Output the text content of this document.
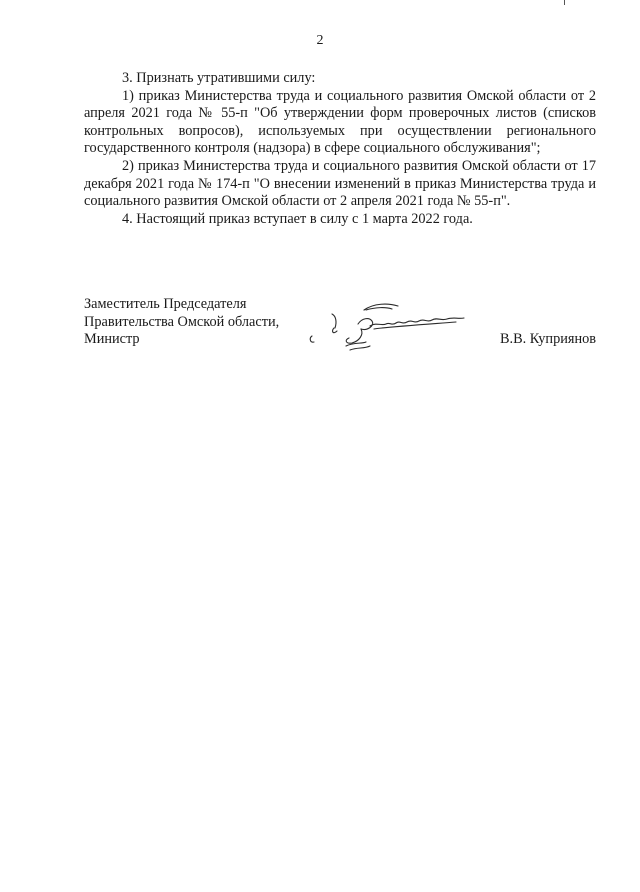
2

3. Признать утратившими силу:

1) приказ Министерства труда и социального развития Омской области от 2 апреля 2021 года № 55-п "Об утверждении форм проверочных листов (списков контрольных вопросов), используемых при осуществлении регионального государственного контроля (надзора) в сфере социального обслуживания";

2) приказ Министерства труда и социального развития Омской области от 17 декабря 2021 года № 174-п "О внесении изменений в приказ Министерства труда и социального развития Омской области от 2 апреля 2021 года № 55-п".

4. Настоящий приказ вступает в силу с 1 марта 2022 года.

Заместитель Председателя
Правительства Омской области,
Министр	В.В. Куприянов
